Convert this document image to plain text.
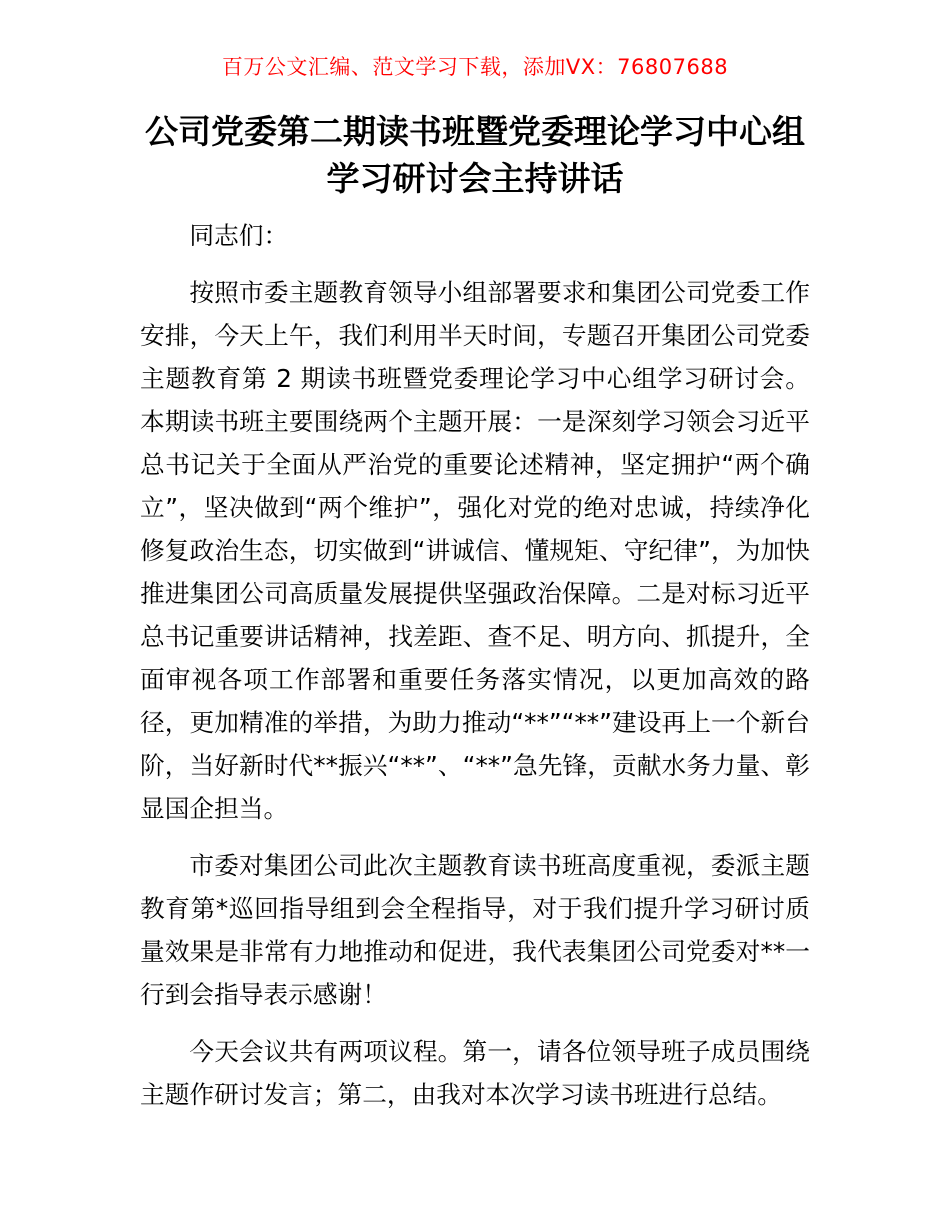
百万公文汇编、范文学习下载，添加VX：76807688
公司党委第二期读书班暨党委理论学习中心组学习研讨会主持讲话

同志们：

按照市委主题教育领导小组部署要求和集团公司党委工作安排，今天上午，我们利用半天时间，专题召开集团公司党委主题教育第 2 期读书班暨党委理论学习中心组学习研讨会。本期读书班主要围绕两个主题开展：一是深刻学习领会习近平总书记关于全面从严治党的重要论述精神，坚定拥护“两个确立”，坚决做到“两个维护”，强化对党的绝对忠诚，持续净化修复政治生态，切实做到“讲诚信、懂规矩、守纪律”，为加快推进集团公司高质量发展提供坚强政治保障。二是对标习近平总书记重要讲话精神，找差距、查不足、明方向、抓提升，全面审视各项工作部署和重要任务落实情况，以更加高效的路径，更加精准的举措，为助力推动“**”“**”建设再上一个新台阶，当好新时代**振兴“**”、“**”急先锋，贡献水务力量、彰显国企担当。

市委对集团公司此次主题教育读书班高度重视，委派主题教育第*巡回指导组到会全程指导，对于我们提升学习研讨质量效果是非常有力地推动和促进，我代表集团公司党委对**一行到会指导表示感谢！

今天会议共有两项议程。第一，请各位领导班子成员围绕主题作研讨发言；第二，由我对本次学习读书班进行总结。
